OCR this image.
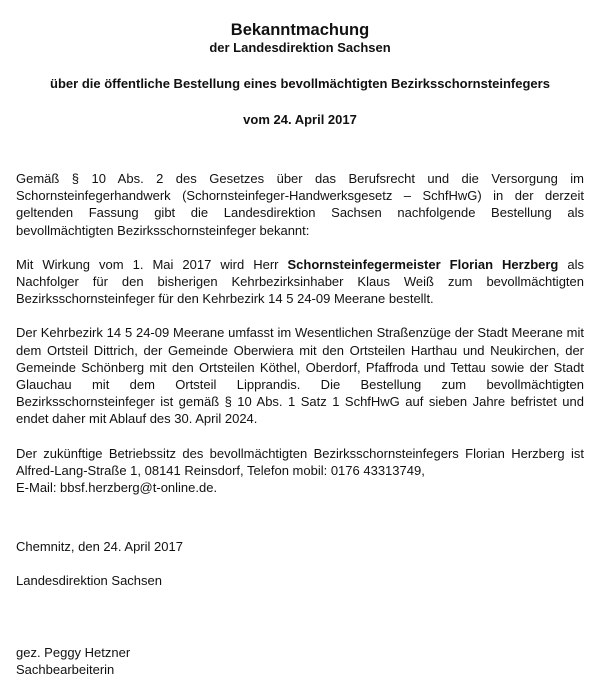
Bekanntmachung
der Landesdirektion Sachsen
über die öffentliche Bestellung eines bevollmächtigten Bezirksschornsteinfegers
vom 24. April 2017

Gemäß § 10 Abs. 2 des Gesetzes über das Berufsrecht und die Versorgung im Schornsteinfegerhandwerk (Schornsteinfeger-Handwerksgesetz – SchfHwG) in der derzeit geltenden Fassung gibt die Landesdirektion Sachsen nachfolgende Bestellung als bevollmächtigten Bezirksschornsteinfeger bekannt:

Mit Wirkung vom 1. Mai 2017 wird Herr Schornsteinfegermeister Florian Herzberg als Nachfolger für den bisherigen Kehrbezirksinhaber Klaus Weiß zum bevollmächtigten Bezirksschornsteinfeger für den Kehrbezirk 14 5 24-09 Meerane bestellt.

Der Kehrbezirk 14 5 24-09 Meerane umfasst im Wesentlichen Straßenzüge der Stadt Meerane mit dem Ortsteil Dittrich, der Gemeinde Oberwiera mit den Ortsteilen Harthau und Neukirchen, der Gemeinde Schönberg mit den Ortsteilen Köthel, Oberdorf, Pfaffroda und Tettau sowie der Stadt Glauchau mit dem Ortsteil Lipprandis. Die Bestellung zum bevollmächtigten Bezirksschornsteinfeger ist gemäß § 10 Abs. 1 Satz 1 SchfHwG auf sieben Jahre befristet und endet daher mit Ablauf des 30. April 2024.

Der zukünftige Betriebssitz des bevollmächtigten Bezirksschornsteinfegers Florian Herzberg ist Alfred-Lang-Straße 1, 08141 Reinsdorf, Telefon mobil: 0176 43313749,
E-Mail: bbsf.herzberg@t-online.de.

Chemnitz, den 24. April 2017
Landesdirektion Sachsen
gez. Peggy Hetzner
Sachbearbeiterin
